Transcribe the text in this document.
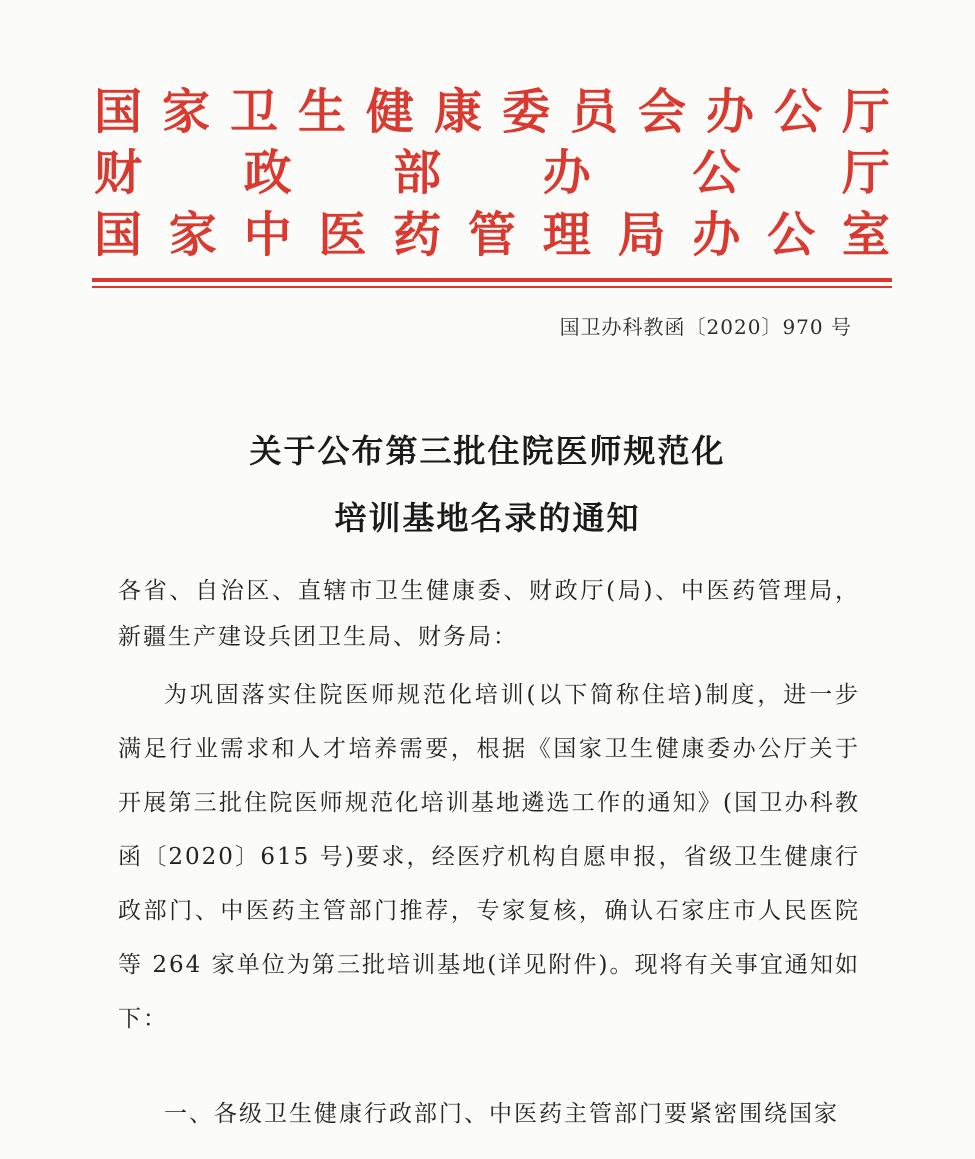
国 家 卫 生 健 康 委 员 会 办 公 厅
财 政 部 办 公 厅
国 家 中 医 药 管 理 局 办 公 室
国卫办科教函〔2020〕970 号
关于公布第三批住院医师规范化
培训基地名录的通知
各省、自治区、直辖市卫生健康委、财政厅(局)、中医药管理局，新疆生产建设兵团卫生局、财务局：
为巩固落实住院医师规范化培训(以下简称住培)制度，进一步满足行业需求和人才培养需要，根据《国家卫生健康委办公厅关于开展第三批住院医师规范化培训基地遴选工作的通知》(国卫办科教函〔2020〕615 号)要求，经医疗机构自愿申报，省级卫生健康行政部门、中医药主管部门推荐，专家复核，确认石家庄市人民医院等 264 家单位为第三批培训基地(详见附件)。现将有关事宜通知如下：
一、各级卫生健康行政部门、中医药主管部门要紧密围绕国家
